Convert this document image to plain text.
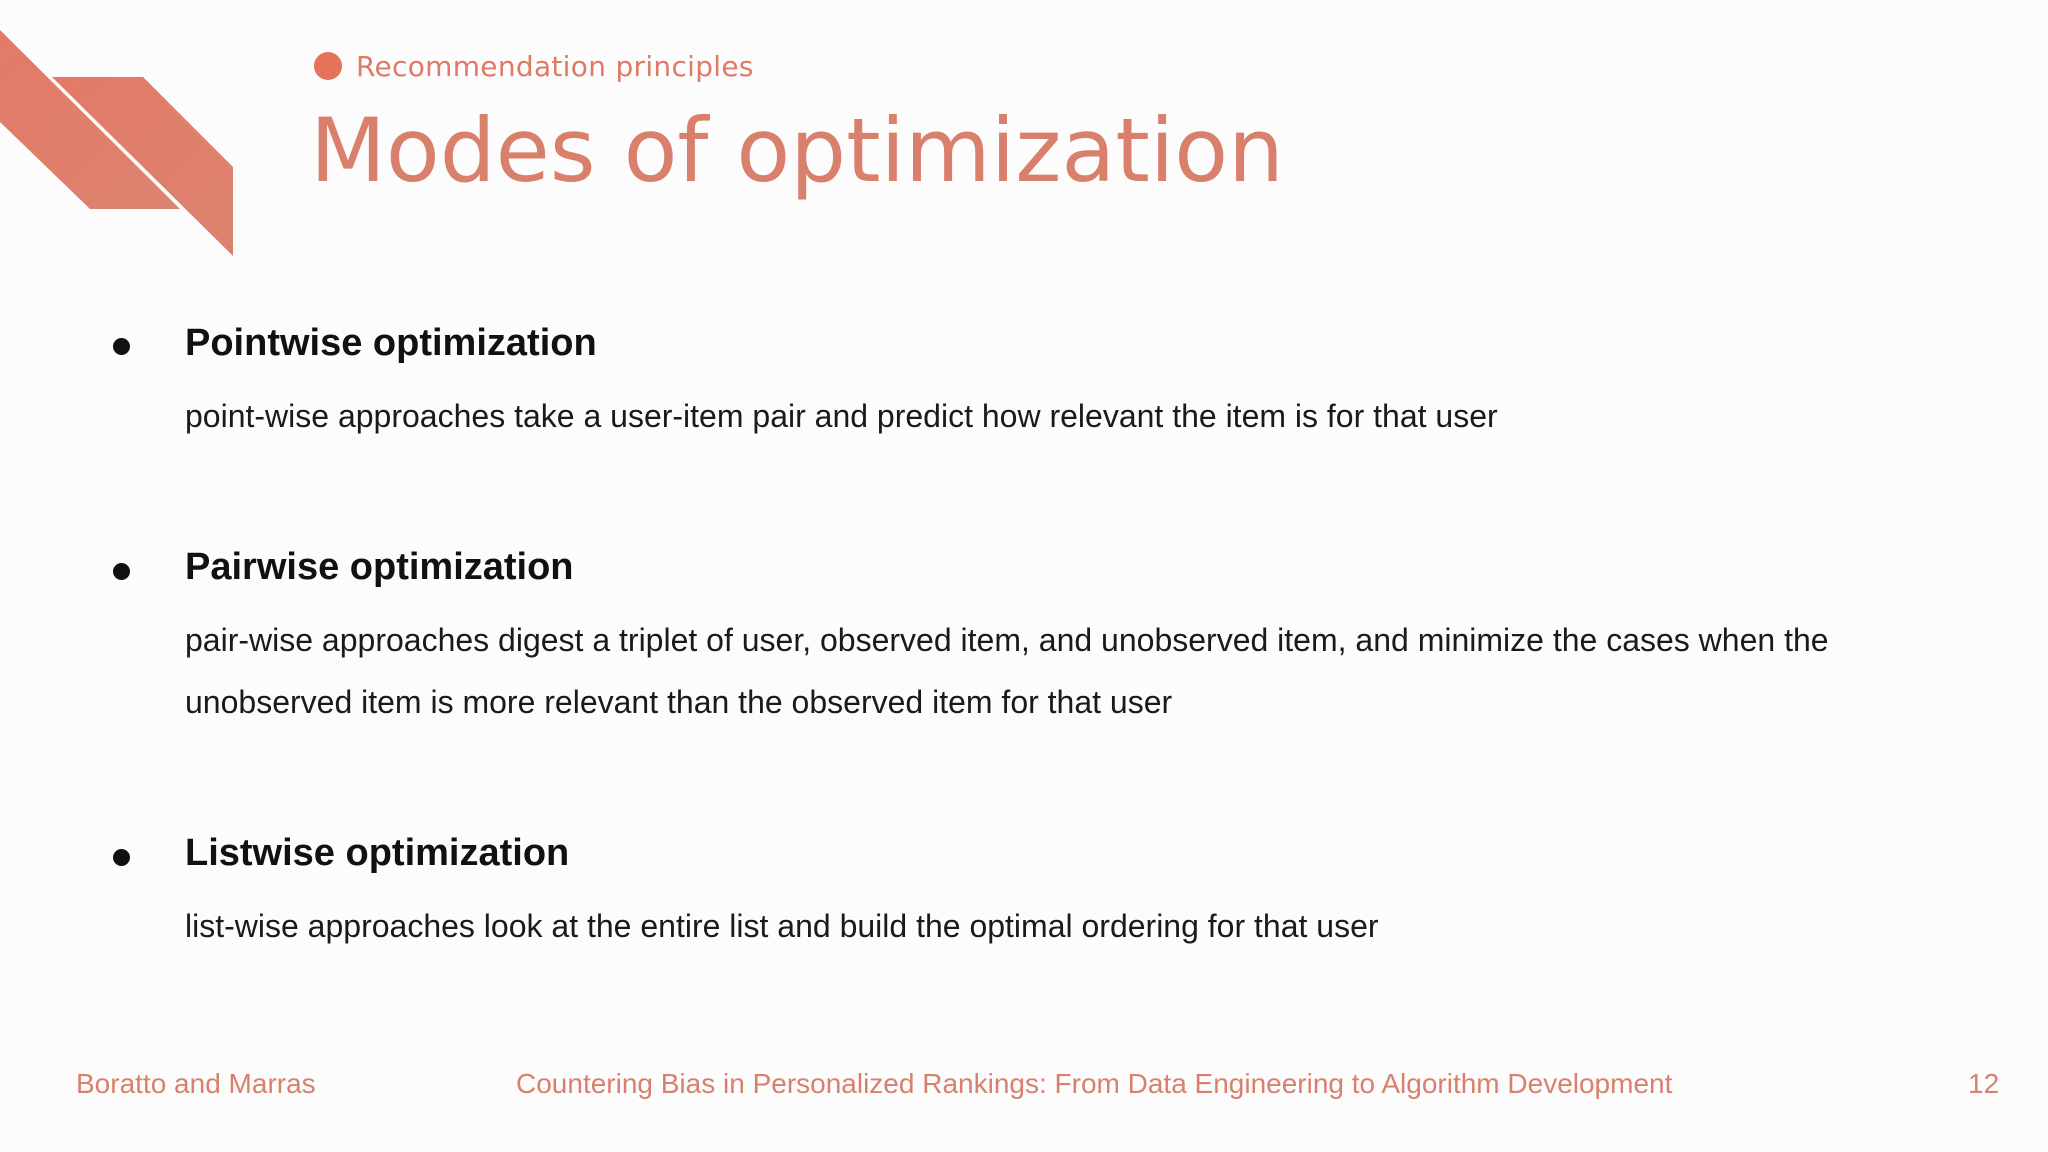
Recommendation principles
Modes of optimization
Pointwise optimization
point-wise approaches take a user-item pair and predict how relevant the item is for that user
Pairwise optimization
pair-wise approaches digest a triplet of user, observed item, and unobserved item, and minimize the cases when the unobserved item is more relevant than the observed item for that user
Listwise optimization
list-wise approaches look at the entire list and build the optimal ordering for that user
Boratto and Marras	Countering Bias in Personalized Rankings: From Data Engineering to Algorithm Development	12
